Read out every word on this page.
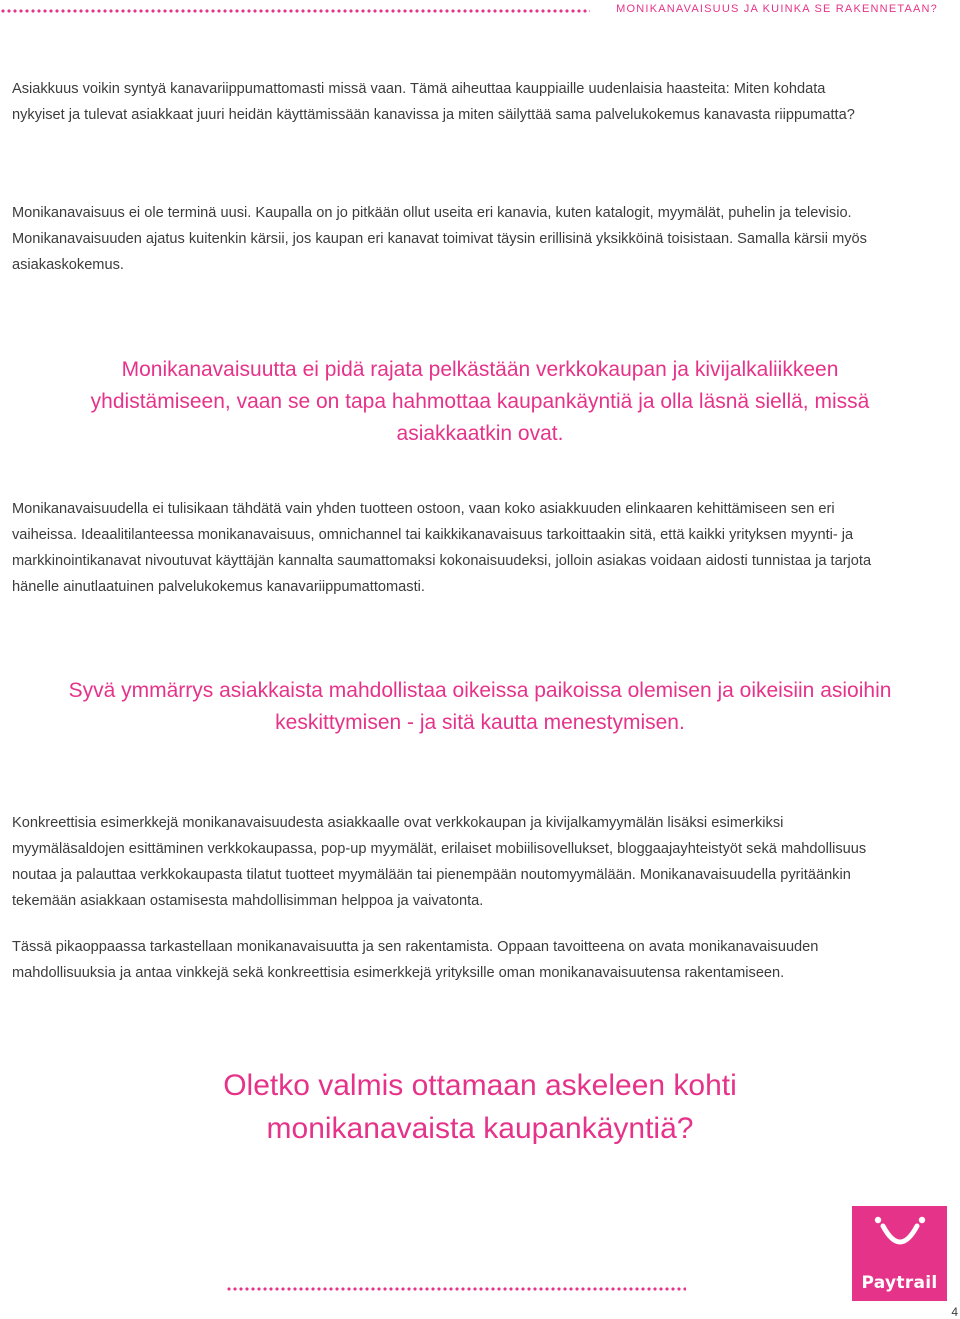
MONIKANAVAISUUS JA KUINKA SE RAKENNETAAN?

Asiakkuus voikin syntyä kanavariippumattomasti missä vaan. Tämä aiheuttaa kauppiaille uudenlaisia haasteita: Miten kohdata nykyiset ja tulevat asiakkaat juuri heidän käyttämissään kanavissa ja miten säilyttää sama palvelukokemus kanavasta riippumatta?

Monikanavaisuus ei ole terminä uusi. Kaupalla on jo pitkään ollut useita eri kanavia, kuten katalogit, myymälät, puhelin ja televisio. Monikanavaisuuden ajatus kuitenkin kärsii, jos kaupan eri kanavat toimivat täysin erillisinä yksikköinä toisistaan. Samalla kärsii myös asiakaskokemus.

Monikanavaisuutta ei pidä rajata pelkästään verkkokaupan ja kivijalkaliikkeen yhdistämiseen, vaan se on tapa hahmottaa kaupankäyntiä ja olla läsnä siellä, missä asiakkaatkin ovat.

Monikanavaisuudella ei tulisikaan tähdätä vain yhden tuotteen ostoon, vaan koko asiakkuuden elinkaaren kehittämiseen sen eri vaiheissa. Ideaalitilanteessa monikanavaisuus, omnichannel tai kaikkikanavaisuus tarkoittaakin sitä, että kaikki yrityksen myynti- ja markkinointikanavat nivoutuvat käyttäjän kannalta saumattomaksi kokonaisuudeksi, jolloin asiakas voidaan aidosti tunnistaa ja tarjota hänelle ainutlaatuinen palvelukokemus kanavariippumattomasti.

Syvä ymmärrys asiakkaista mahdollistaa oikeissa paikoissa olemisen ja oikeisiin asioihin
keskittymisen - ja sitä kautta menestymisen.

Konkreettisia esimerkkejä monikanavaisuudesta asiakkaalle ovat verkkokaupan ja kivijalkamyymälän lisäksi esimerkiksi myymäläsaldojen esittäminen verkkokaupassa, pop-up myymälät, erilaiset mobiilisovellukset, bloggaajayhteistyöt sekä mahdollisuus noutaa ja palauttaa verkkokaupasta tilatut tuotteet myymälään tai pienempään noutomyymälään. Monikanavaisuudella pyritäänkin tekemään asiakkaan ostamisesta mahdollisimman helppoa ja vaivatonta.

Tässä pikaoppaassa tarkastellaan monikanavaisuutta ja sen rakentamista. Oppaan tavoitteena on avata monikanavaisuuden mahdollisuuksia ja antaa vinkkejä sekä konkreettisia esimerkkejä yrityksille oman monikanavaisuutensa rakentamiseen.

Oletko valmis ottamaan askeleen kohti
monikanavaista kaupankäyntiä?
Paytrail
4
